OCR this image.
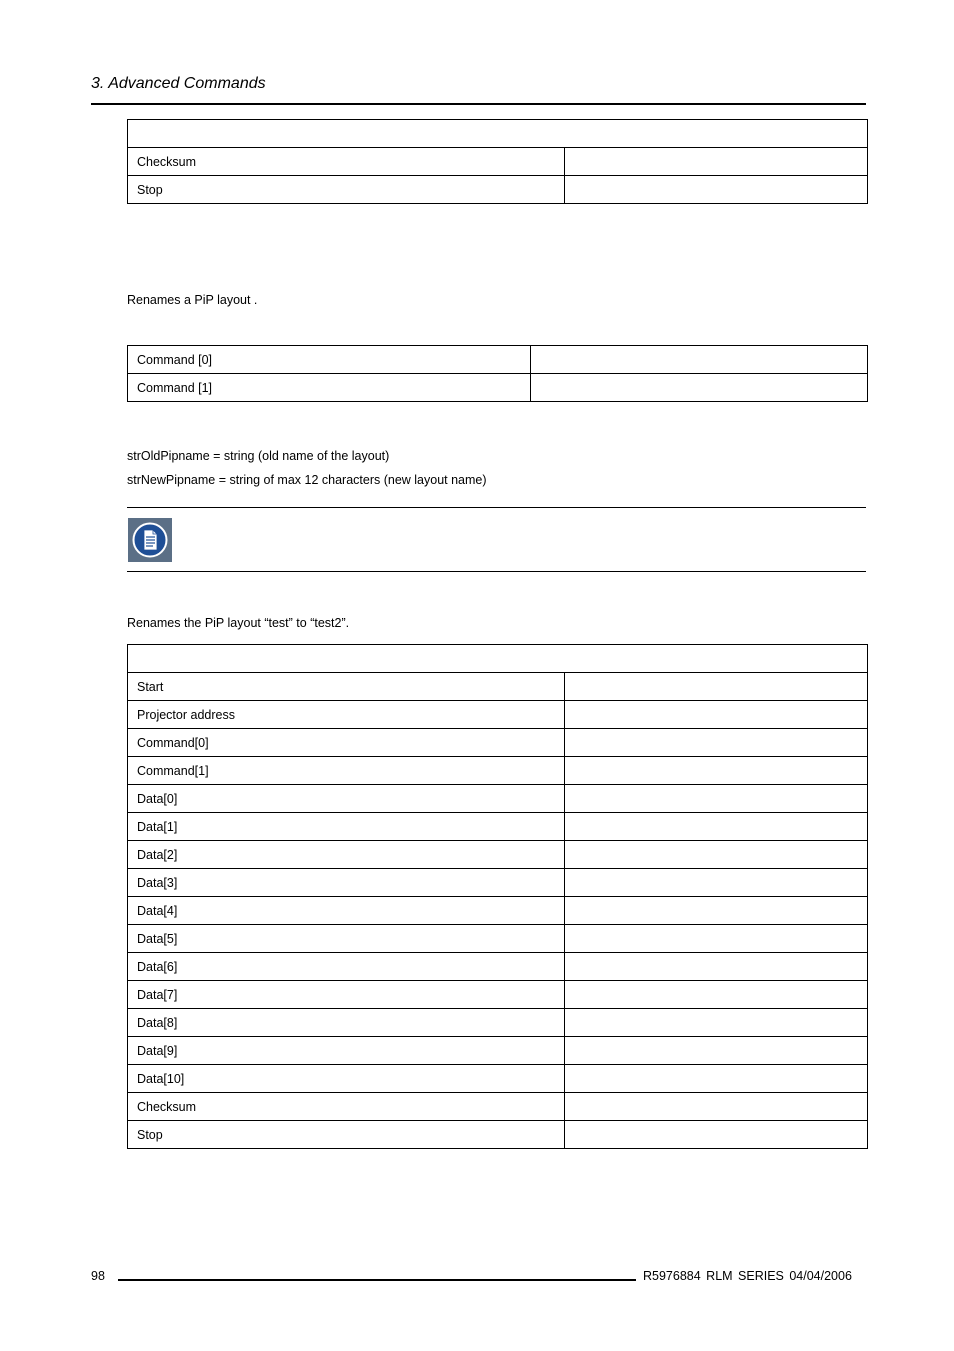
3. Advanced Commands

Checksum	
Stop	
Renames a PiP layout .
Command [0]	
Command [1]	
strOldPipname = string (old name of the layout)
strNewPipname = string of max 12 characters (new layout name)
Renames the PiP layout “test” to “test2”.

Start	
Projector address	
Command[0]	
Command[1]	
Data[0]	
Data[1]	
Data[2]	
Data[3]	
Data[4]	
Data[5]	
Data[6]	
Data[7]	
Data[8]	
Data[9]	
Data[10]	
Checksum	
Stop	
98	R5976884 RLM SERIES 04/04/2006
